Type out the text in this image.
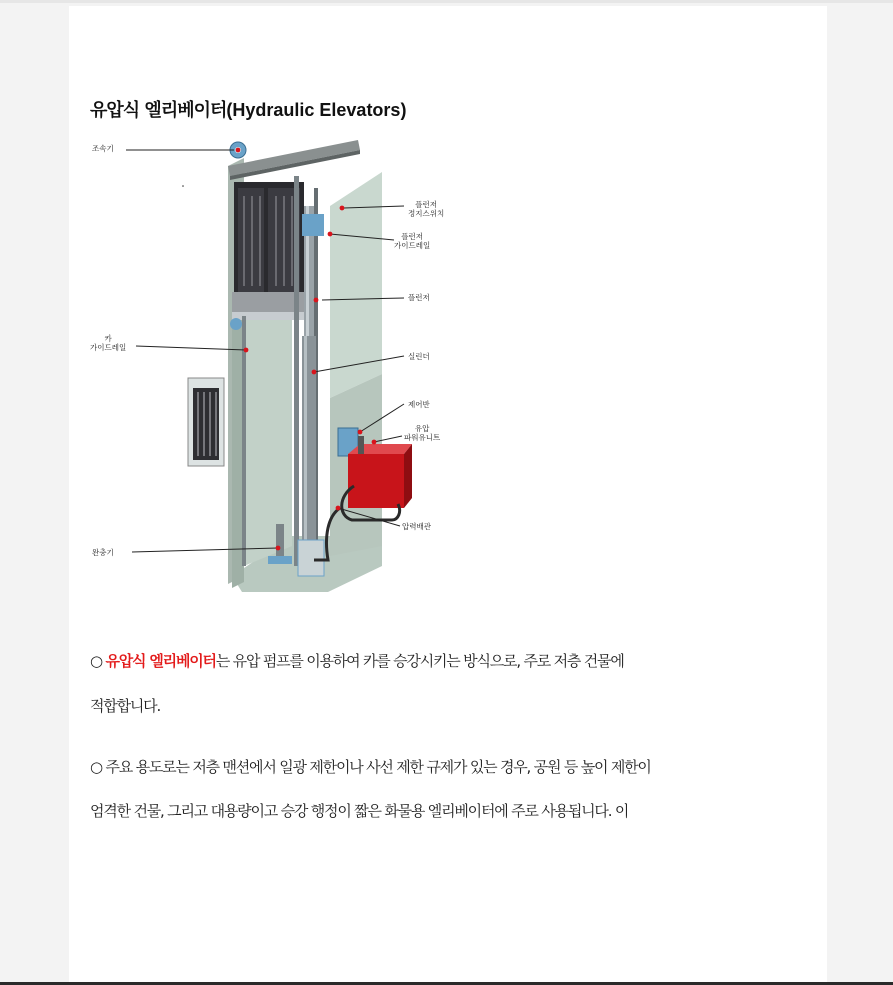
유압식 엘리베이터(Hydraulic Elevators)
조속기
플런저
정지스위치
플런저
가이드레일
플런저
카
가이드레일
실린더
제어반
유압
파워유니트
압력배관
완충기
○ 유압식 엘리베이터는 유압 펌프를 이용하여 카를 승강시키는 방식으로, 주로 저층 건물에
적합합니다.
○ 주요 용도로는 저층 맨션에서 일광 제한이나 사선 제한 규제가 있는 경우, 공원 등 높이 제한이
엄격한 건물, 그리고 대용량이고 승강 행정이 짧은 화물용 엘리베이터에 주로 사용됩니다. 이
